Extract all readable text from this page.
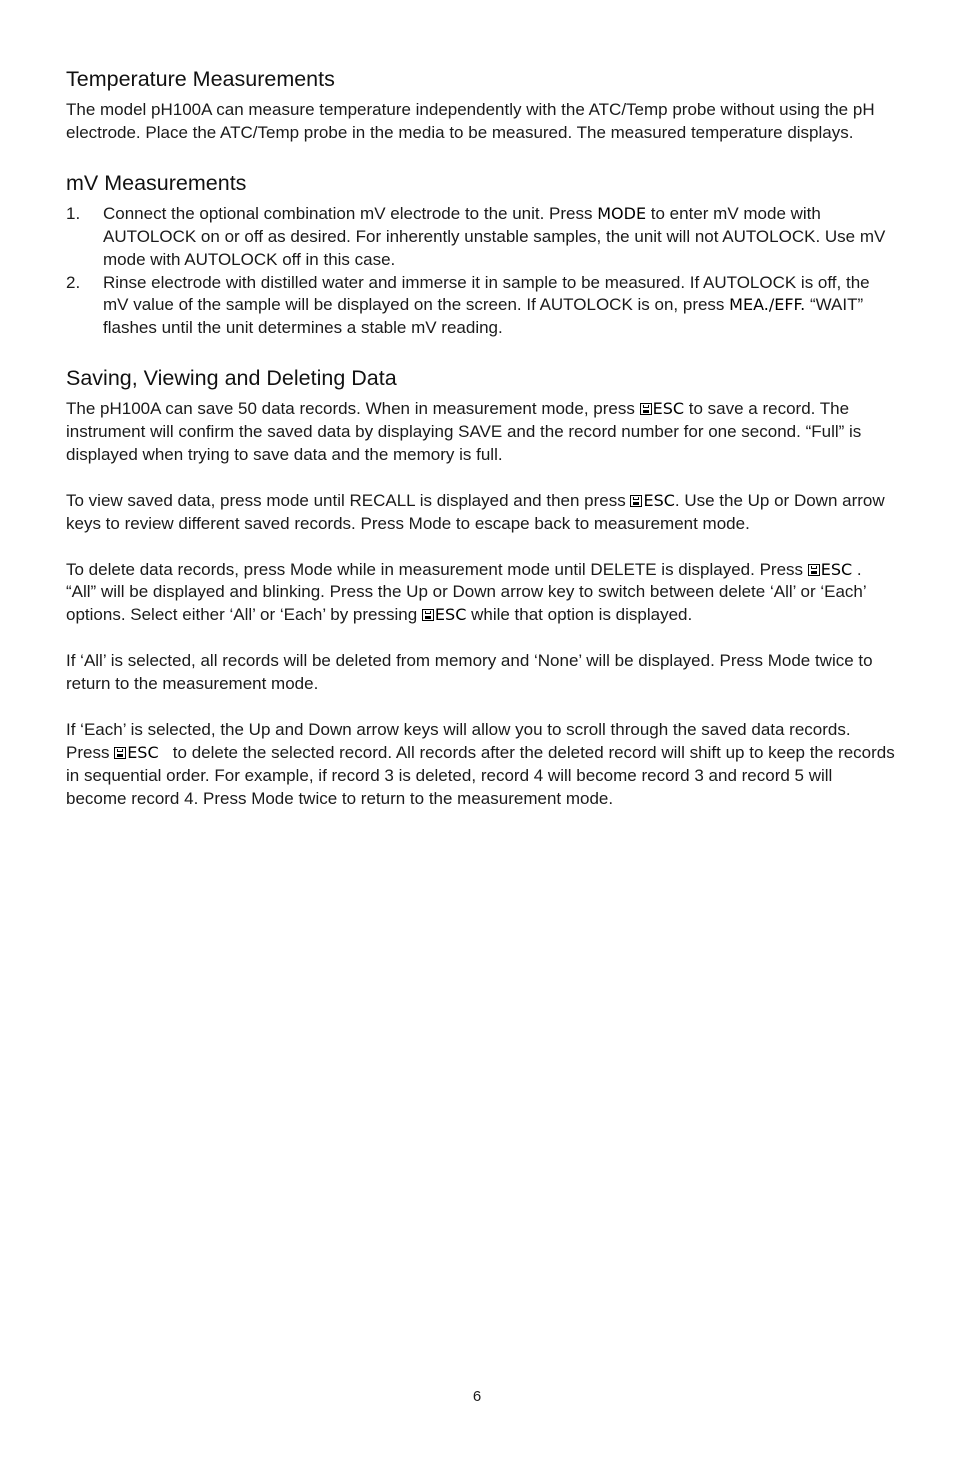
Temperature Measurements

The model pH100A can measure temperature independently with the ATC/Temp probe without using the pH electrode. Place the ATC/Temp probe in the media to be measured. The measured temperature displays.

mV Measurements
1. Connect the optional combination mV electrode to the unit. Press MODE to enter mV mode with AUTOLOCK on or off as desired. For inherently unstable samples, the unit will not AUTOLOCK. Use mV mode with AUTOLOCK off in this case.
2. Rinse electrode with distilled water and immerse it in sample to be measured. If AUTOLOCK is off, the mV value of the sample will be displayed on the screen. If AUTOLOCK is on, press MEA./EFF. “WAIT” flashes until the unit determines a stable mV reading.
Saving, Viewing and Deleting Data

The pH100A can save 50 data records. When in measurement mode, press ESC to save a record. The instrument will confirm the saved data by displaying SAVE and the record number for one second. “Full” is displayed when trying to save data and the memory is full.

To view saved data, press mode until RECALL is displayed and then press ESC. Use the Up or Down arrow keys to review different saved records. Press Mode to escape back to measurement mode.

To delete data records, press Mode while in measurement mode until DELETE is displayed. Press ESC . “All” will be displayed and blinking. Press the Up or Down arrow key to switch between delete ‘All’ or ‘Each’ options. Select either ‘All’ or ‘Each’ by pressing ESC while that option is displayed.

If ‘All’ is selected, all records will be deleted from memory and ‘None’ will be displayed. Press Mode twice to return to the measurement mode.

If ‘Each’ is selected, the Up and Down arrow keys will allow you to scroll through the saved data records. Press ESC   to delete the selected record. All records after the deleted record will shift up to keep the records in sequential order. For example, if record 3 is deleted, record 4 will become record 3 and record 5 will become record 4. Press Mode twice to return to the measurement mode.

6
